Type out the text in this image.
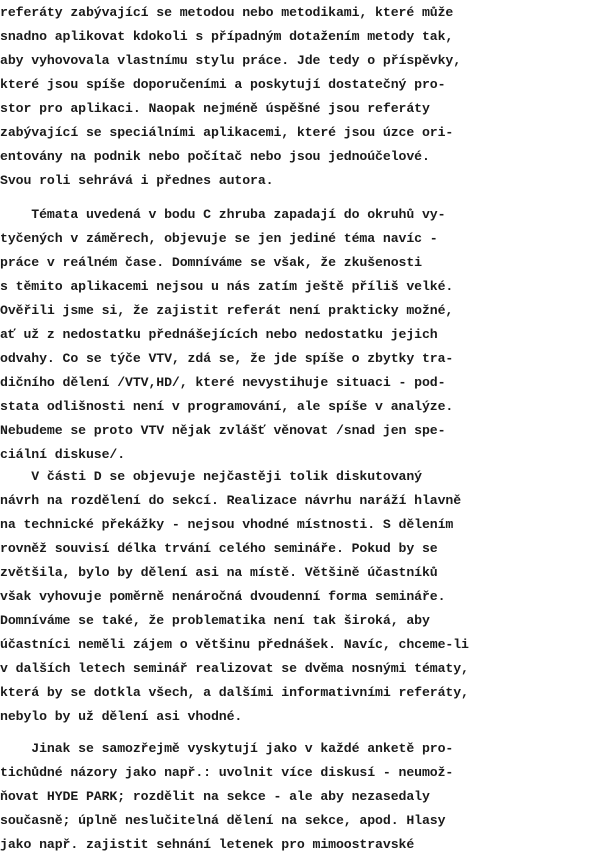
referáty zabývající se metodou nebo metodikami, které může
snadno aplikovat kdokoli s případným dotažením metody tak,
aby vyhovovala vlastnímu stylu práce. Jde tedy o příspěvky,
které jsou spíše doporučeními a poskytují dostatečný pro-
stor pro aplikaci. Naopak nejméně úspěšné jsou referáty
zabývající se speciálními aplikacemi, které jsou úzce ori-
entovány na podnik nebo počítač nebo jsou jednoúčelové.
Svou roli sehrává i přednes autora.
Témata uvedená v bodu C zhruba zapadají do okruhů vy-
tyčených v záměrech, objevuje se jen jediné téma navíc -
práce v reálném čase. Domníváme se však, že zkušenosti
s těmito aplikacemi nejsou u nás zatím ještě příliš velké.
Ověřili jsme si, že zajistit referát není prakticky možné,
ať už z nedostatku přednášejících nebo nedostatku jejich
odvahy. Co se týče VTV, zdá se, že jde spíše o zbytky tra-
dičního dělení /VTV,HD/, které nevystihuje situaci - pod-
stata odlišnosti není v programování, ale spíše v analýze.
Nebudeme se proto VTV nějak zvlášť věnovat /snad jen spe-
ciální diskuse/.
V části D se objevuje nejčastěji tolik diskutovaný
návrh na rozdělení do sekcí. Realizace návrhu naráží hlavně
na technické překážky - nejsou vhodné místnosti. S dělením
rovněž souvisí délka trvání celého semináře. Pokud by se
zvětšila, bylo by dělení asi na místě. Většině účastníků
však vyhovuje poměrně nenáročná dvoudenní forma semináře.
Domníváme se také, že problematika není tak široká, aby
účastníci neměli zájem o většinu přednášek. Navíc, chceme-li
v dalších letech seminář realizovat se dvěma nosnými tématy,
která by se dotkla všech, a dalšími informativními referáty,
nebylo by už dělení asi vhodné.
Jinak se samozřejmě vyskytují jako v každé anketě pro-
tichůdné názory jako např.: uvolnit více diskusí - neumož-
ňovat HYDE PARK; rozdělit na sekce - ale aby nezasedaly
současně; úplně neslučitelná dělení na sekce, apod. Hlasy
jako např. zajistit sehnání letenek pro mimoostravské
